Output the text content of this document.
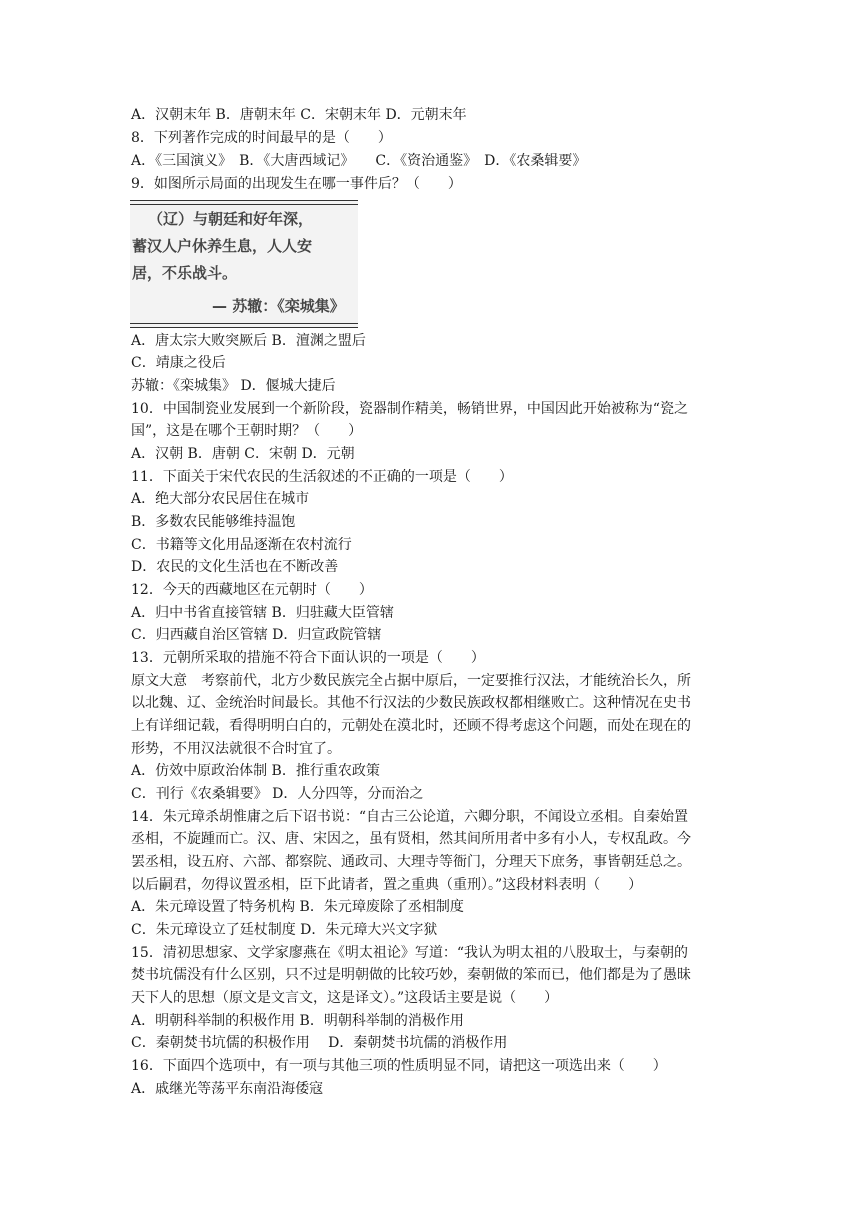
A．汉朝末年 B．唐朝末年 C．宋朝末年 D．元朝末年
8．下列著作完成的时间最早的是（　　）
A．《三国演义》　B．《大唐西域记》　　C．《资治通鉴》　D．《农桑辑要》
9．如图所示局面的出现发生在哪一事件后？（　　）
（辽）与朝廷和好年深，
蓄汉人户休养生息，人人安
居，不乐战斗。
— 苏辙：《栾城集》
A．唐太宗大败突厥后 B．澶渊之盟后
C．靖康之役后
苏辙：《栾城集》 D．偃城大捷后
10．中国制瓷业发展到一个新阶段，瓷器制作精美，畅销世界，中国因此开始被称为“瓷之
国”，这是在哪个王朝时期？（　　）
A．汉朝 B．唐朝 C．宋朝 D．元朝
11．下面关于宋代农民的生活叙述的不正确的一项是（　　）
A．绝大部分农民居住在城市
B．多数农民能够维持温饱
C．书籍等文化用品逐渐在农村流行
D．农民的文化生活也在不断改善
12．今天的西藏地区在元朝时（　　）
A．归中书省直接管辖 B．归驻藏大臣管辖
C．归西藏自治区管辖 D．归宣政院管辖
13．元朝所采取的措施不符合下面认识的一项是（　　）
原文大意　考察前代，北方少数民族完全占据中原后，一定要推行汉法，才能统治长久，所
以北魏、辽、金统治时间最长。其他不行汉法的少数民族政权都相继败亡。这种情况在史书
上有详细记载，看得明明白白的，元朝处在漠北时，还顾不得考虑这个问题，而处在现在的
形势，不用汉法就很不合时宜了。
A．仿效中原政治体制 B．推行重农政策
C．刊行《农桑辑要》 D．人分四等，分而治之
14．朱元璋杀胡惟庸之后下诏书说：“自古三公论道，六卿分职，不闻设立丞相。自秦始置
丞相，不旋踵而亡。汉、唐、宋因之，虽有贤相，然其间所用者中多有小人，专权乱政。今
罢丞相，设五府、六部、都察院、通政司、大理寺等衙门，分理天下庶务，事皆朝廷总之。
以后嗣君，勿得议置丞相，臣下此请者，置之重典（重刑）。”这段材料表明（　　）
A．朱元璋设置了特务机构 B．朱元璋废除了丞相制度
C．朱元璋设立了廷杖制度 D．朱元璋大兴文字狱
15．清初思想家、文学家廖燕在《明太祖论》写道：“我认为明太祖的八股取士，与秦朝的
焚书坑儒没有什么区别，只不过是明朝做的比较巧妙，秦朝做的笨而已，他们都是为了愚昧
天下人的思想（原文是文言文，这是译文）。”这段话主要是说（　　）
A．明朝科举制的积极作用 B．明朝科举制的消极作用
C．秦朝焚书坑儒的积极作用　 D．秦朝焚书坑儒的消极作用
16．下面四个选项中，有一项与其他三项的性质明显不同，请把这一项选出来（　　）
A．戚继光等荡平东南沿海倭寇
